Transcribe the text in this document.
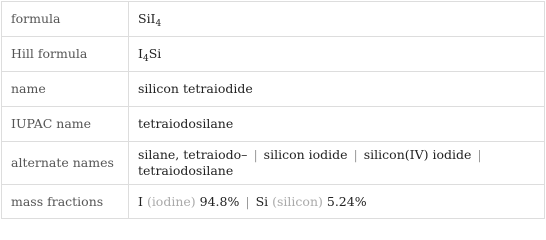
formula	SiI$_4$
Hill formula	$I_4Si$
name	silicon tetraiodide
IUPAC name	tetraiodosilane
alternate names	silane, tetraiodo– | silicon iodide | silicon(IV) iodide |
tetraiodosilane
mass fractions	I (iodine) 94.8% | Si (silicon) 5.24%
